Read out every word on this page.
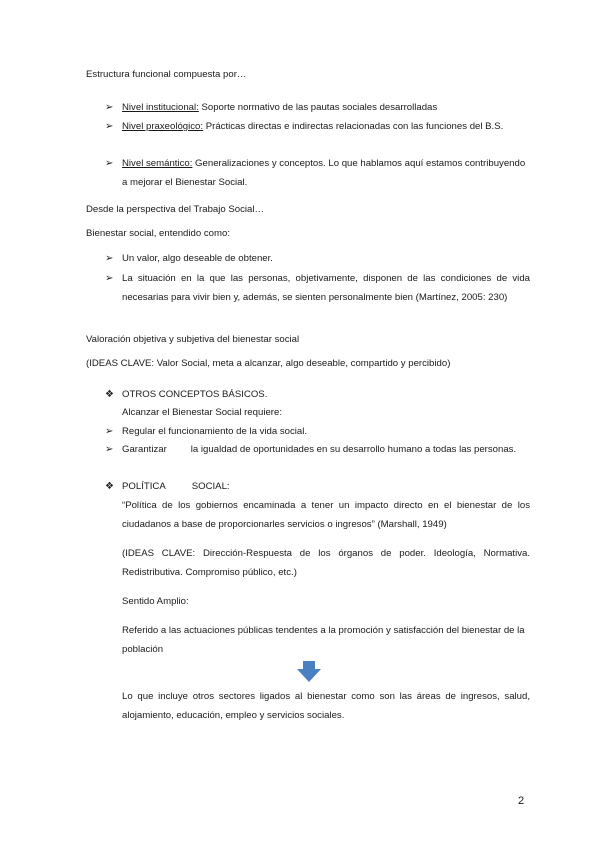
Estructura funcional compuesta por…
➢ Nivel institucional: Soporte normativo de las pautas sociales desarrolladas
➢ Nivel praxeológico: Prácticas directas e indirectas relacionadas con las funciones del B.S.
➢ Nivel semántico: Generalizaciones y conceptos. Lo que hablamos aquí estamos contribuyendo a mejorar el Bienestar Social.
Desde la perspectiva del Trabajo Social…
Bienestar social, entendido como:
➢ Un valor, algo deseable de obtener.
➢ La situación en la que las personas, objetivamente, disponen de las condiciones de vida necesarias para vivir bien y, además, se sienten personalmente bien (Martínez, 2005: 230)
Valoración objetiva y subjetiva del bienestar social
(IDEAS CLAVE: Valor Social, meta a alcanzar, algo deseable, compartido y percibido)
❖ OTROS CONCEPTOS BÁSICOS.
Alcanzar el Bienestar Social requiere:
➢ Regular el funcionamiento de la vida social.
➢ Garantizar	la igualdad de oportunidades en su desarrollo humano a todas las personas.
❖ POLÍTICA	SOCIAL:
“Política de los gobiernos encaminada a tener un impacto directo en el bienestar de los ciudadanos a base de proporcionarles servicios o ingresos” (Marshall, 1949)
(IDEAS CLAVE: Dirección-Respuesta de los órganos de poder. Ideología, Normativa. Redistributiva. Compromiso público, etc.)
Sentido Amplio:
Referido a las actuaciones públicas tendentes a la promoción y satisfacción del bienestar de la población
Lo que incluye otros sectores ligados al bienestar como son las áreas de ingresos, salud, alojamiento, educación, empleo y servicios sociales.
2
